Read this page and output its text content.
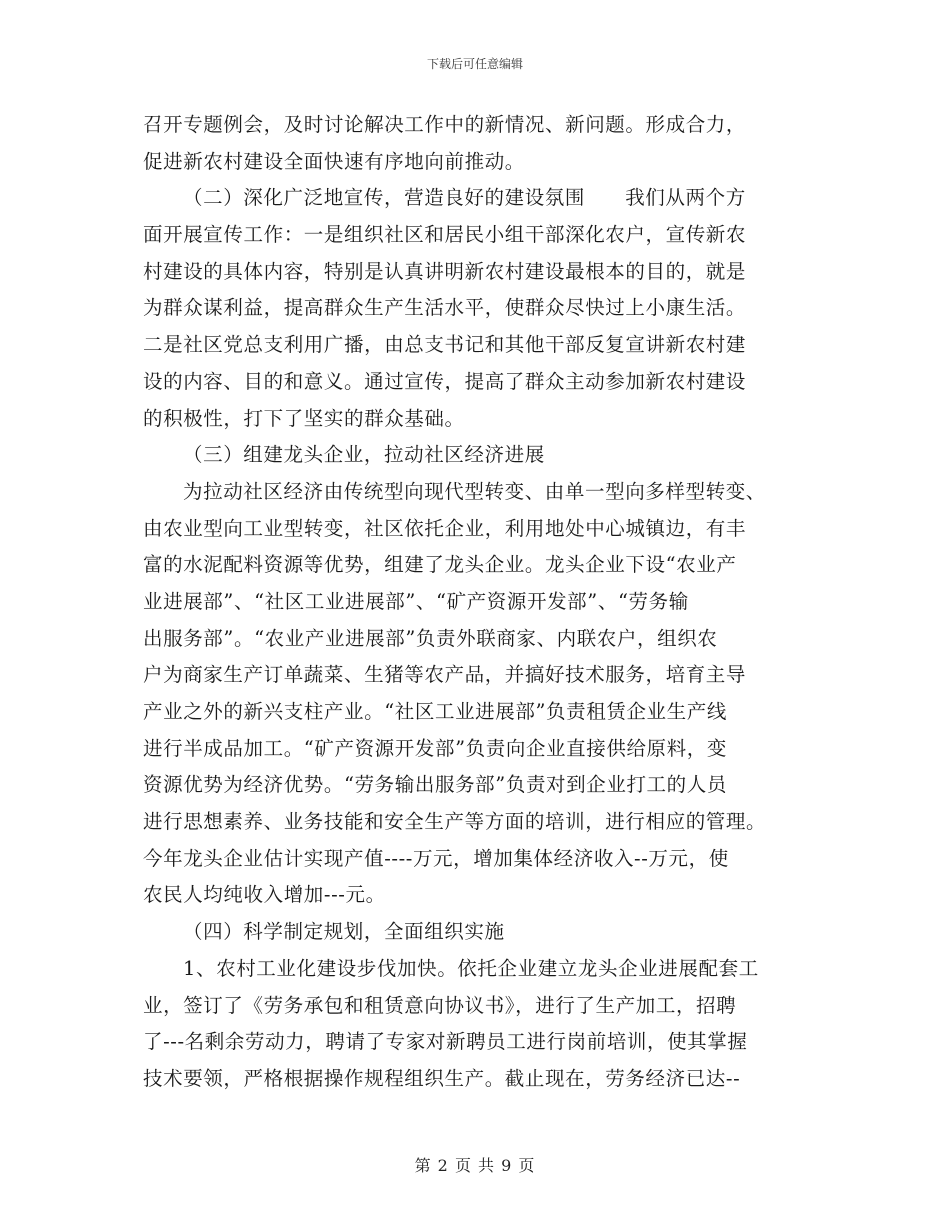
下载后可任意编辑
召开专题例会，及时讨论解决工作中的新情况、新问题。形成合力，
促进新农村建设全面快速有序地向前推动。
（二）深化广泛地宣传，营造良好的建设氛围　　我们从两个方
面开展宣传工作：一是组织社区和居民小组干部深化农户，宣传新农
村建设的具体内容，特别是认真讲明新农村建设最根本的目的，就是
为群众谋利益，提高群众生产生活水平，使群众尽快过上小康生活。
二是社区党总支利用广播，由总支书记和其他干部反复宣讲新农村建
设的内容、目的和意义。通过宣传，提高了群众主动参加新农村建设
的积极性，打下了坚实的群众基础。
（三）组建龙头企业，拉动社区经济进展
为拉动社区经济由传统型向现代型转变、由单一型向多样型转变、
由农业型向工业型转变，社区依托企业，利用地处中心城镇边，有丰
富的水泥配料资源等优势，组建了龙头企业。龙头企业下设“农业产
业进展部”、“社区工业进展部”、“矿产资源开发部”、“劳务输
出服务部”。“农业产业进展部”负责外联商家、内联农户，组织农
户为商家生产订单蔬菜、生猪等农产品，并搞好技术服务，培育主导
产业之外的新兴支柱产业。“社区工业进展部”负责租赁企业生产线
进行半成品加工。“矿产资源开发部”负责向企业直接供给原料，变
资源优势为经济优势。“劳务输出服务部”负责对到企业打工的人员
进行思想素养、业务技能和安全生产等方面的培训，进行相应的管理。
今年龙头企业估计实现产值----万元，增加集体经济收入--万元，使
农民人均纯收入增加---元。
（四）科学制定规划，全面组织实施
1、农村工业化建设步伐加快。依托企业建立龙头企业进展配套工
业，签订了《劳务承包和租赁意向协议书》，进行了生产加工，招聘
了---名剩余劳动力，聘请了专家对新聘员工进行岗前培训，使其掌握
技术要领，严格根据操作规程组织生产。截止现在，劳务经济已达--
第 2 页 共 9 页
